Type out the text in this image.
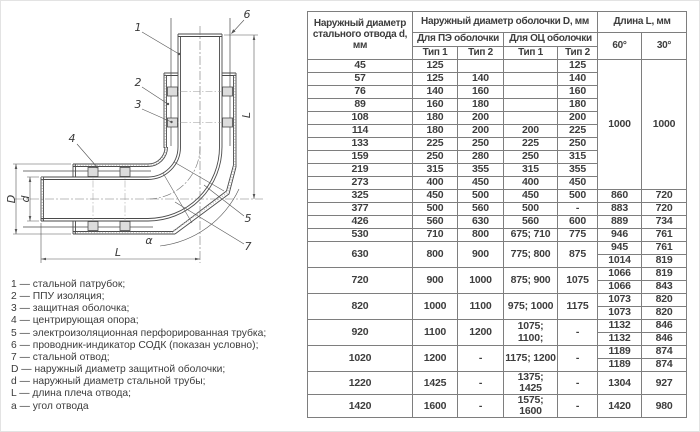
1
2
3
4
5
6
7
D d
L
L
α
1 — стальной патрубок;
2 — ППУ изоляция;
3 — защитная оболочка;
4 — центрирующая опора;
5 — электроизоляционная перфорированная трубка;
6 — проводник-индикатор СОДК (показан условно);
7 — стальной отвод;
D — наружный диаметр защитной оболочки;
d — наружный диаметр стальной трубы;
L — длина плеча отвода;
a — угол отвода
Наружный диаметр стального отвода d, мм	Наружный диаметр оболочки D, мм				Длина L, мм	
	Для ПЭ оболочки		Для ОЦ оболочки		60°	30°
	Тип 1	Тип 2	Тип 1	Тип 2		
45	125			125	1000	1000
57	125	140		140		
76	140	160		160		
89	160	180		180		
108	180	200		200		
114	180	200	200	225		
133	225	250	225	250		
159	250	280	250	315		
219	315	355	315	355		
273	400	450	400	450		
325	450	500	450	500	860	720
377	500	560	500	-	883	720
426	560	630	560	600	889	734
530	710	800	675; 710	775	946	761
630	800	900	775; 800	875	945	761
					1014	819
720	900	1000	875; 900	1075	1066	819
					1066	843
820	1000	1100	975; 1000	1175	1073	820
					1073	820
920	1100	1200	1075; 1100;	-	1132	846
					1132	846
1020	1200	-	1175; 1200	-	1189	874
					1189	874
1220	1425	-	1375; 1425	-	1304	927
1420	1600	-	1575; 1600	-	1420	980
